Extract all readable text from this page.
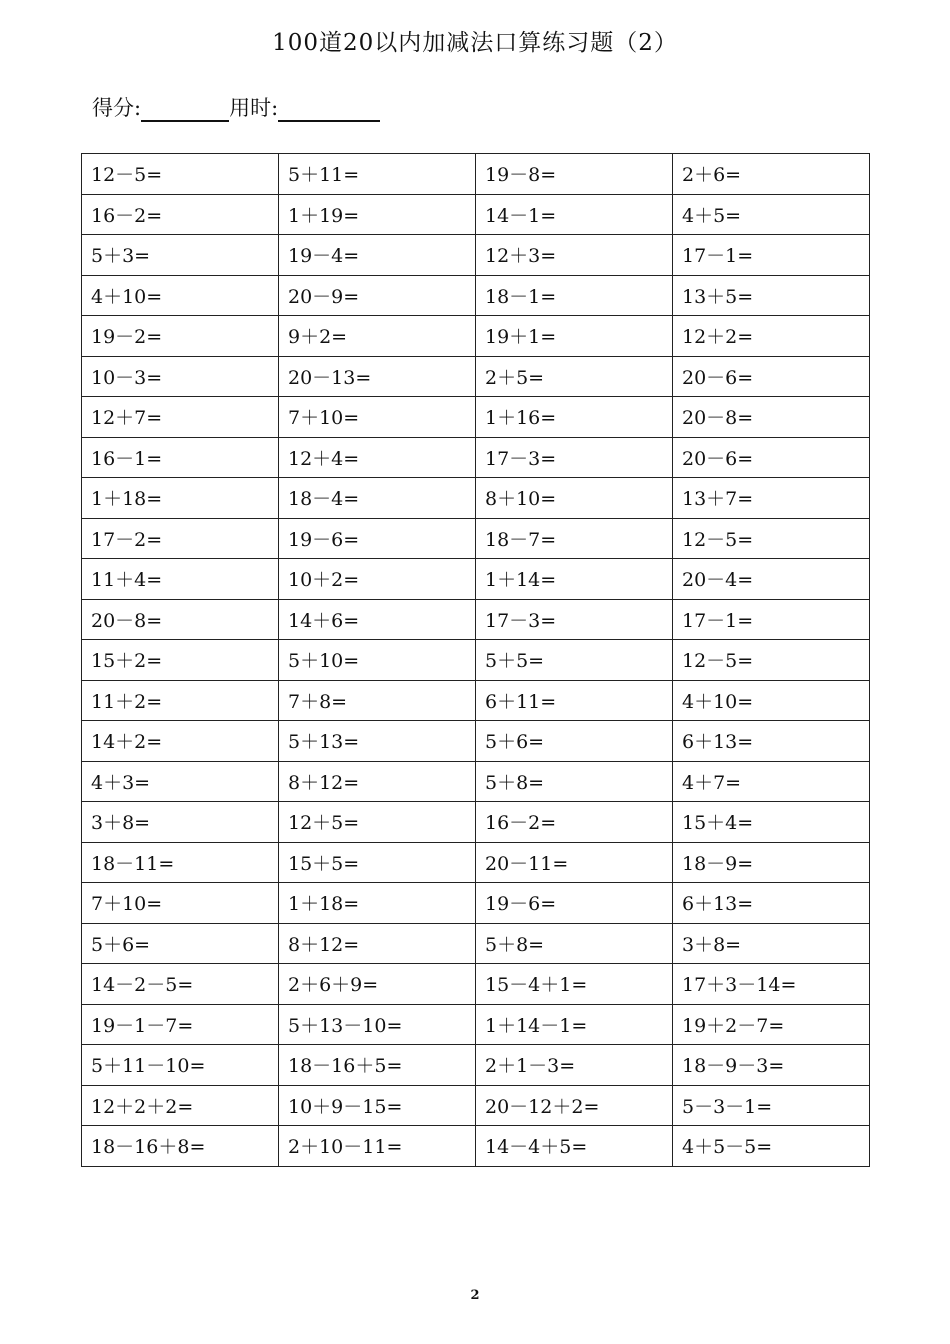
100道20以内加减法口算练习题（2）
得分:	用时:
12－5=	5＋11=	19－8=	2＋6=
16－2=	1＋19=	14－1=	4＋5=
5＋3=	19－4=	12＋3=	17－1=
4＋10=	20－9=	18－1=	13＋5=
19－2=	9＋2=	19＋1=	12＋2=
10－3=	20－13=	2＋5=	20－6=
12＋7=	7＋10=	1＋16=	20－8=
16－1=	12＋4=	17－3=	20－6=
1＋18=	18－4=	8＋10=	13＋7=
17－2=	19－6=	18－7=	12－5=
11＋4=	10＋2=	1＋14=	20－4=
20－8=	14＋6=	17－3=	17－1=
15＋2=	5＋10=	5＋5=	12－5=
11＋2=	7＋8=	6＋11=	4＋10=
14＋2=	5＋13=	5＋6=	6＋13=
4＋3=	8＋12=	5＋8=	4＋7=
3＋8=	12＋5=	16－2=	15＋4=
18－11=	15＋5=	20－11=	18－9=
7＋10=	1＋18=	19－6=	6＋13=
5＋6=	8＋12=	5＋8=	3＋8=
14－2－5=	2＋6＋9=	15－4＋1=	17＋3－14=
19－1－7=	5＋13－10=	1＋14－1=	19＋2－7=
5＋11－10=	18－16＋5=	2＋1－3=	18－9－3=
12＋2＋2=	10＋9－15=	20－12＋2=	5－3－1=
18－16＋8=	2＋10－11=	14－4＋5=	4＋5－5=
2
